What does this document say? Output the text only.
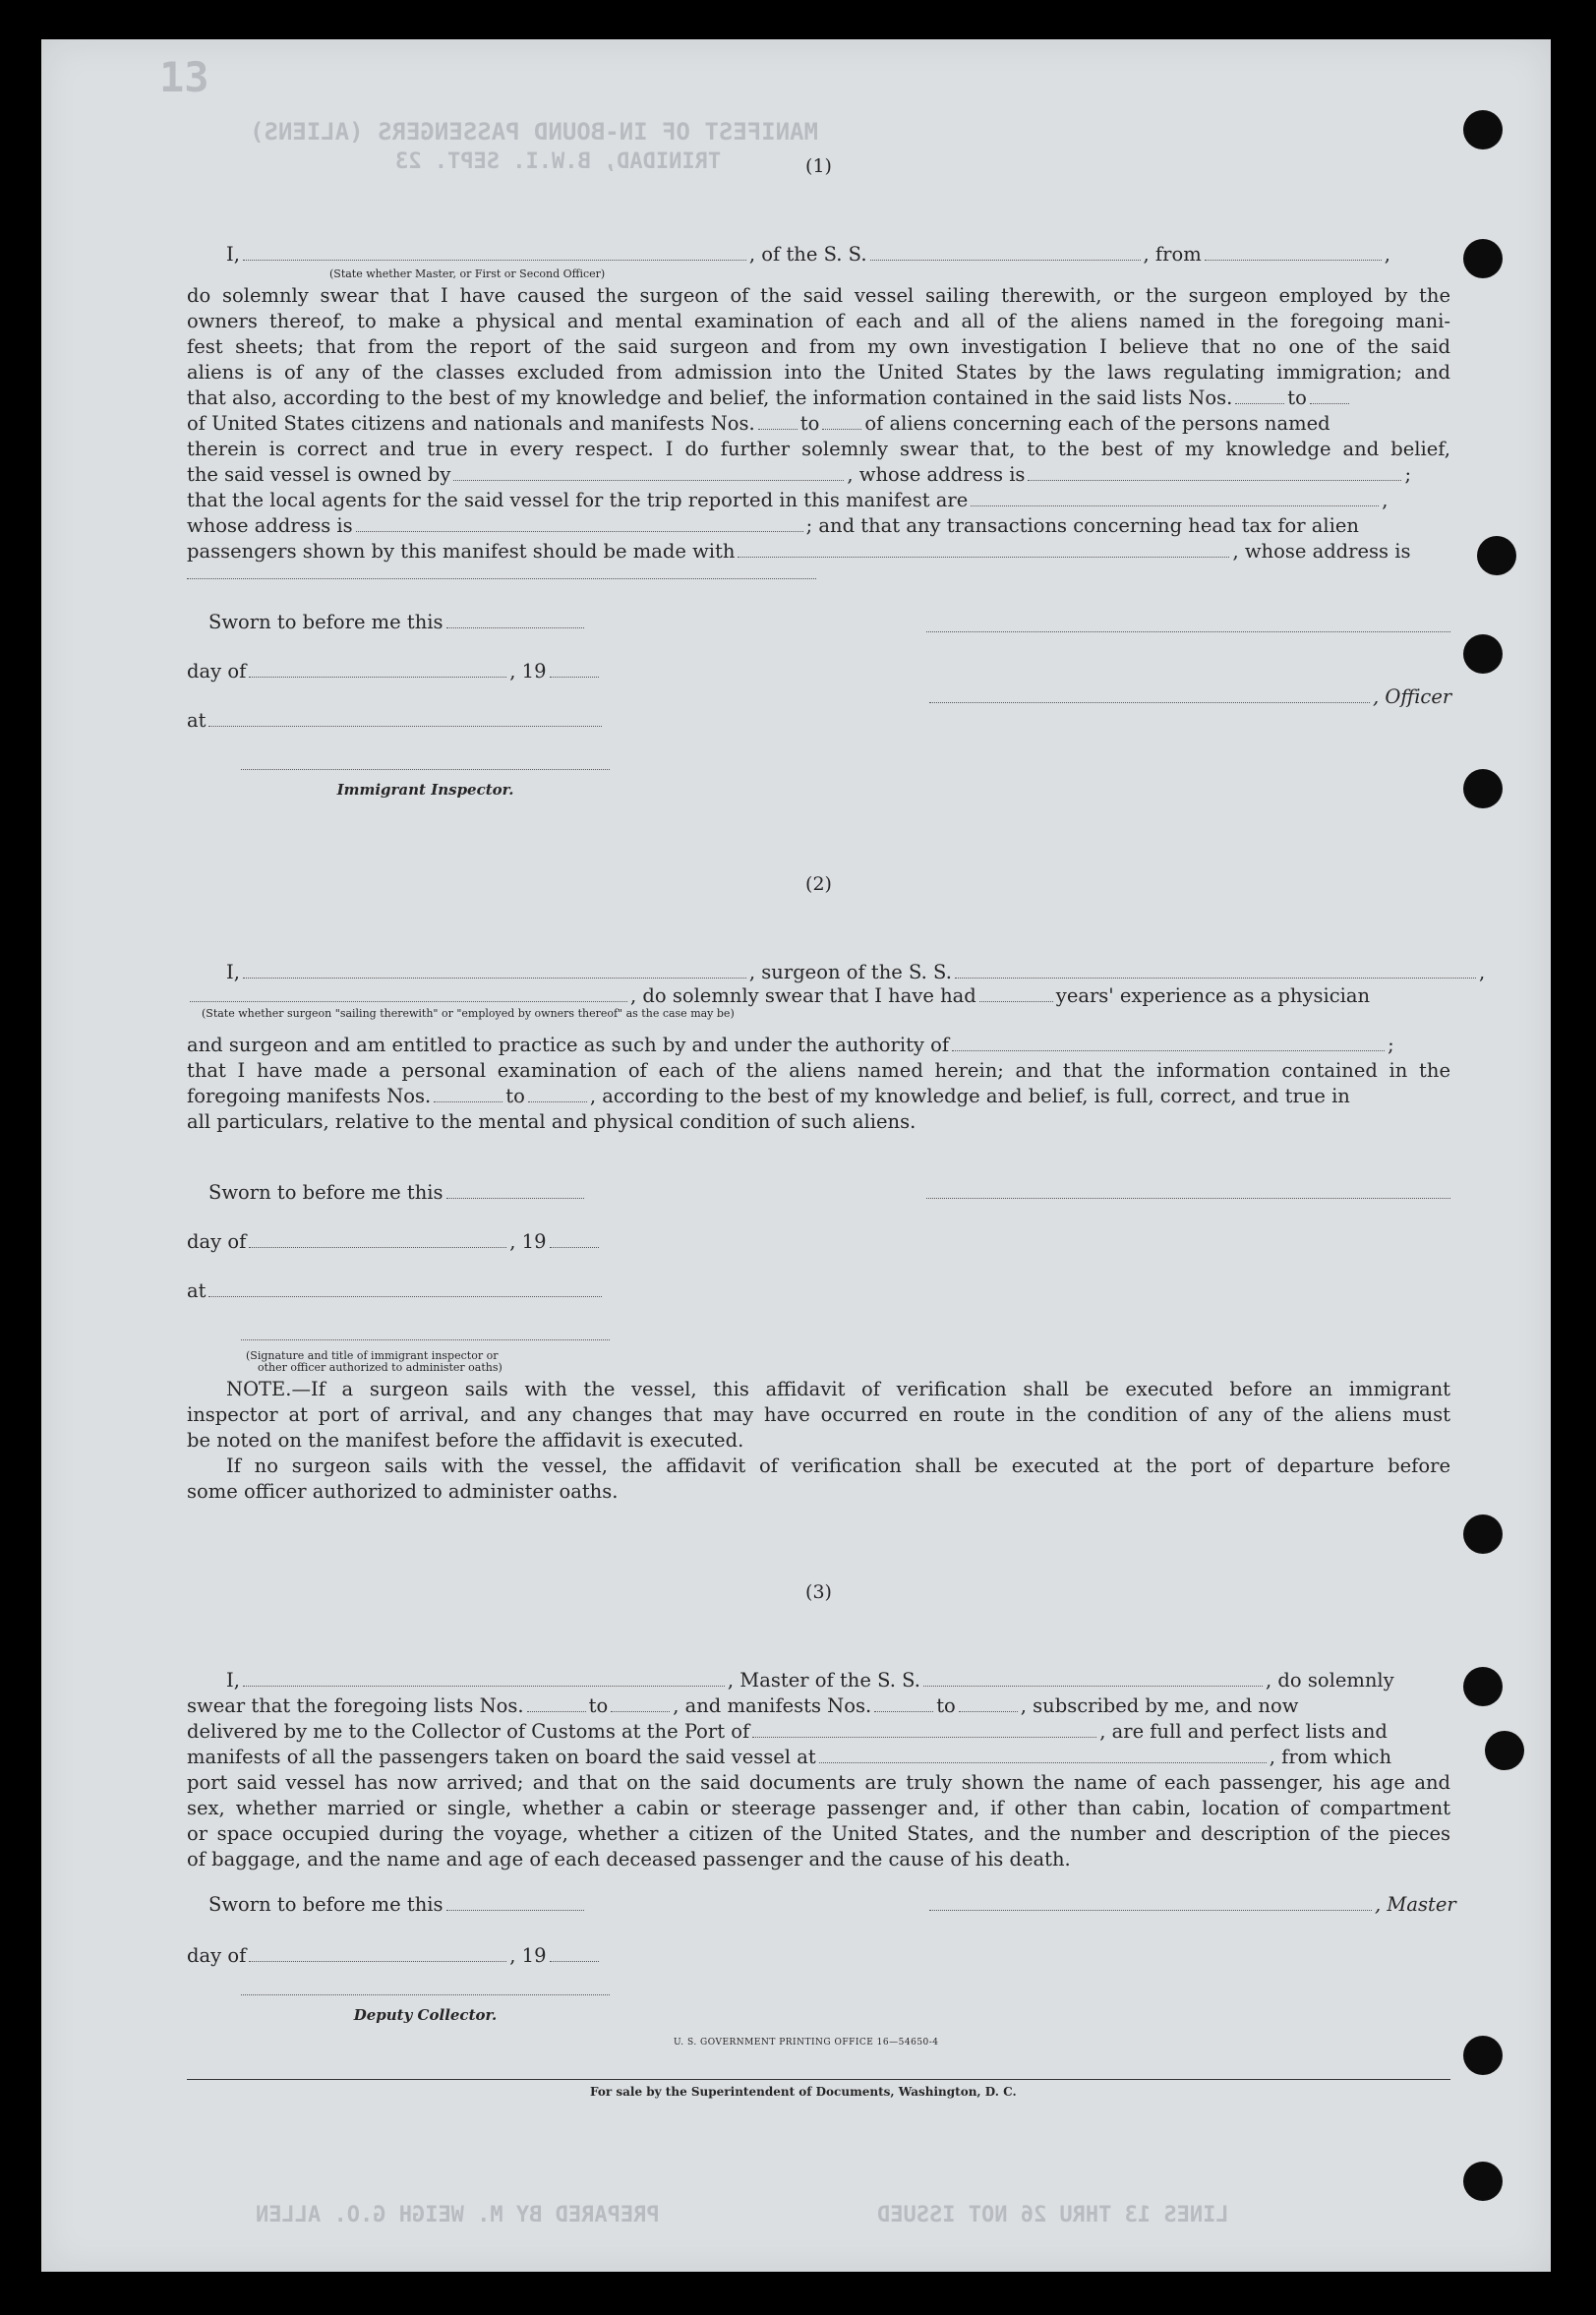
13
MANIFEST OF IN-BOUND PASSENGERS (ALIENS)
TRINIDAD, B.W.I. SEPT. 23	(1)
I,	, of the S. S.	, from	,
(State whether Master, or First or Second Officer)
do solemnly swear that I have caused the surgeon of the said vessel sailing therewith, or the surgeon employed by the
owners thereof, to make a physical and mental examination of each and all of the aliens named in the foregoing mani-
fest sheets; that from the report of the said surgeon and from my own investigation I believe that no one of the said
aliens is of any of the classes excluded from admission into the United States by the laws regulating immigration; and
that also, according to the best of my knowledge and belief, the information contained in the said lists Nos.	to
of United States citizens and nationals and manifests Nos. to of aliens concerning each of the persons named
therein is correct and true in every respect. I do further solemnly swear that, to the best of my knowledge and belief,
the said vessel is owned by	, whose address is	;
that the local agents for the said vessel for the trip reported in this manifest are	,
whose address is	; and that any transactions concerning head tax for alien
passengers shown by this manifest should be made with	, whose address is
Sworn to before me this
day of	, 19
, Officer
at
Immigrant Inspector.
(2)
I,	, surgeon of the S. S.	,
, do solemnly swear that I have had	years' experience as a physician
(State whether surgeon "sailing therewith" or "employed by owners thereof" as the case may be)
and surgeon and am entitled to practice as such by and under the authority of	;
that I have made a personal examination of each of the aliens named herein; and that the information contained in the
foregoing manifests Nos.	to	, according to the best of my knowledge and belief, is full, correct, and true in
all particulars, relative to the mental and physical condition of such aliens.
Sworn to before me this
day of	, 19
at
(Signature and title of immigrant inspector or
other officer authorized to administer oaths)
NOTE.—If a surgeon sails with the vessel, this affidavit of verification shall be executed before an immigrant
inspector at port of arrival, and any changes that may have occurred en route in the condition of any of the aliens must
be noted on the manifest before the affidavit is executed.
If no surgeon sails with the vessel, the affidavit of verification shall be executed at the port of departure before
some officer authorized to administer oaths.
(3)
I,	, Master of the S. S.	, do solemnly
swear that the foregoing lists Nos.	to	, and manifests Nos.	to	, subscribed by me, and now
delivered by me to the Collector of Customs at the Port of	, are full and perfect lists and
manifests of all the passengers taken on board the said vessel at	, from which
port said vessel has now arrived; and that on the said documents are truly shown the name of each passenger, his age and
sex, whether married or single, whether a cabin or steerage passenger and, if other than cabin, location of compartment
or space occupied during the voyage, whether a citizen of the United States, and the number and description of the pieces
of baggage, and the name and age of each deceased passenger and the cause of his death.
Sworn to before me this	, Master
day of	, 19
Deputy Collector.
U. S. GOVERNMENT PRINTING OFFICE 16—54650-4
For sale by the Superintendent of Documents, Washington, D. C.
PREPARED BY M. WEIGH G.O. ALLEN	LINES 13 THRU 26 NOT ISSUED
